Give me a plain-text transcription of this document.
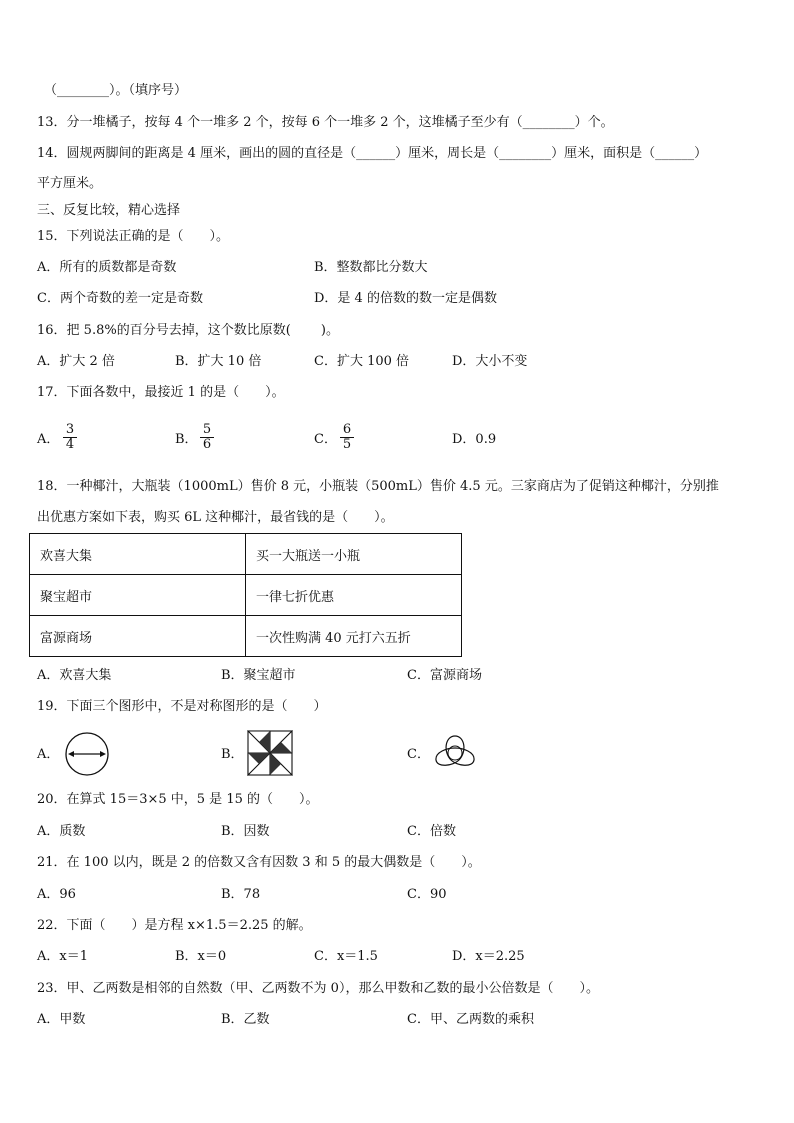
（________）。（填序号）
13．分一堆橘子，按每 4 个一堆多 2 个，按每 6 个一堆多 2 个，这堆橘子至少有（________）个。
14．圆规两脚间的距离是 4 厘米，画出的圆的直径是（______）厘米，周长是（________）厘米，面积是（______）
平方厘米。
三、反复比较，精心选择
15．下列说法正确的是（　　）。
A．所有的质数都是奇数	B．整数都比分数大
C．两个奇数的差一定是奇数	D．是 4 的倍数的数一定是偶数
16．把 5.8%的百分号去掉，这个数比原数(　　 )。
A．扩大 2 倍	B．扩大 10 倍	C．扩大 100 倍	D．大小不变
17．下面各数中，最接近 1 的是（　　）。
A． $\frac{3}{4}$	B． $\frac{5}{6}$	C． $\frac{6}{5}$	D．0.9
18．一种椰汁，大瓶装（1000mL）售价 8 元，小瓶装（500mL）售价 4.5 元。三家商店为了促销这种椰汁，分别推
出优惠方案如下表，购买 6L 这种椰汁，最省钱的是（　　）。
欢喜大集	买一大瓶送一小瓶
聚宝超市	一律七折优惠
富源商场	一次性购满 40 元打六五折
A．欢喜大集	B．聚宝超市	C．富源商场
19．下面三个图形中，不是对称图形的是（　　）
A．	B．	C．
20．在算式 15＝3×5 中，5 是 15 的（　　）。
A．质数	B．因数	C．倍数
21．在 100 以内，既是 2 的倍数又含有因数 3 和 5 的最大偶数是（　　）。
A．96	B．78	C．90
22．下面（　　）是方程 x×1.5＝2.25 的解。
A．x＝1	B．x＝0	C．x＝1.5	D．x＝2.25
23．甲、乙两数是相邻的自然数（甲、乙两数不为 0），那么甲数和乙数的最小公倍数是（　　）。
A．甲数	B．乙数	C．甲、乙两数的乘积
